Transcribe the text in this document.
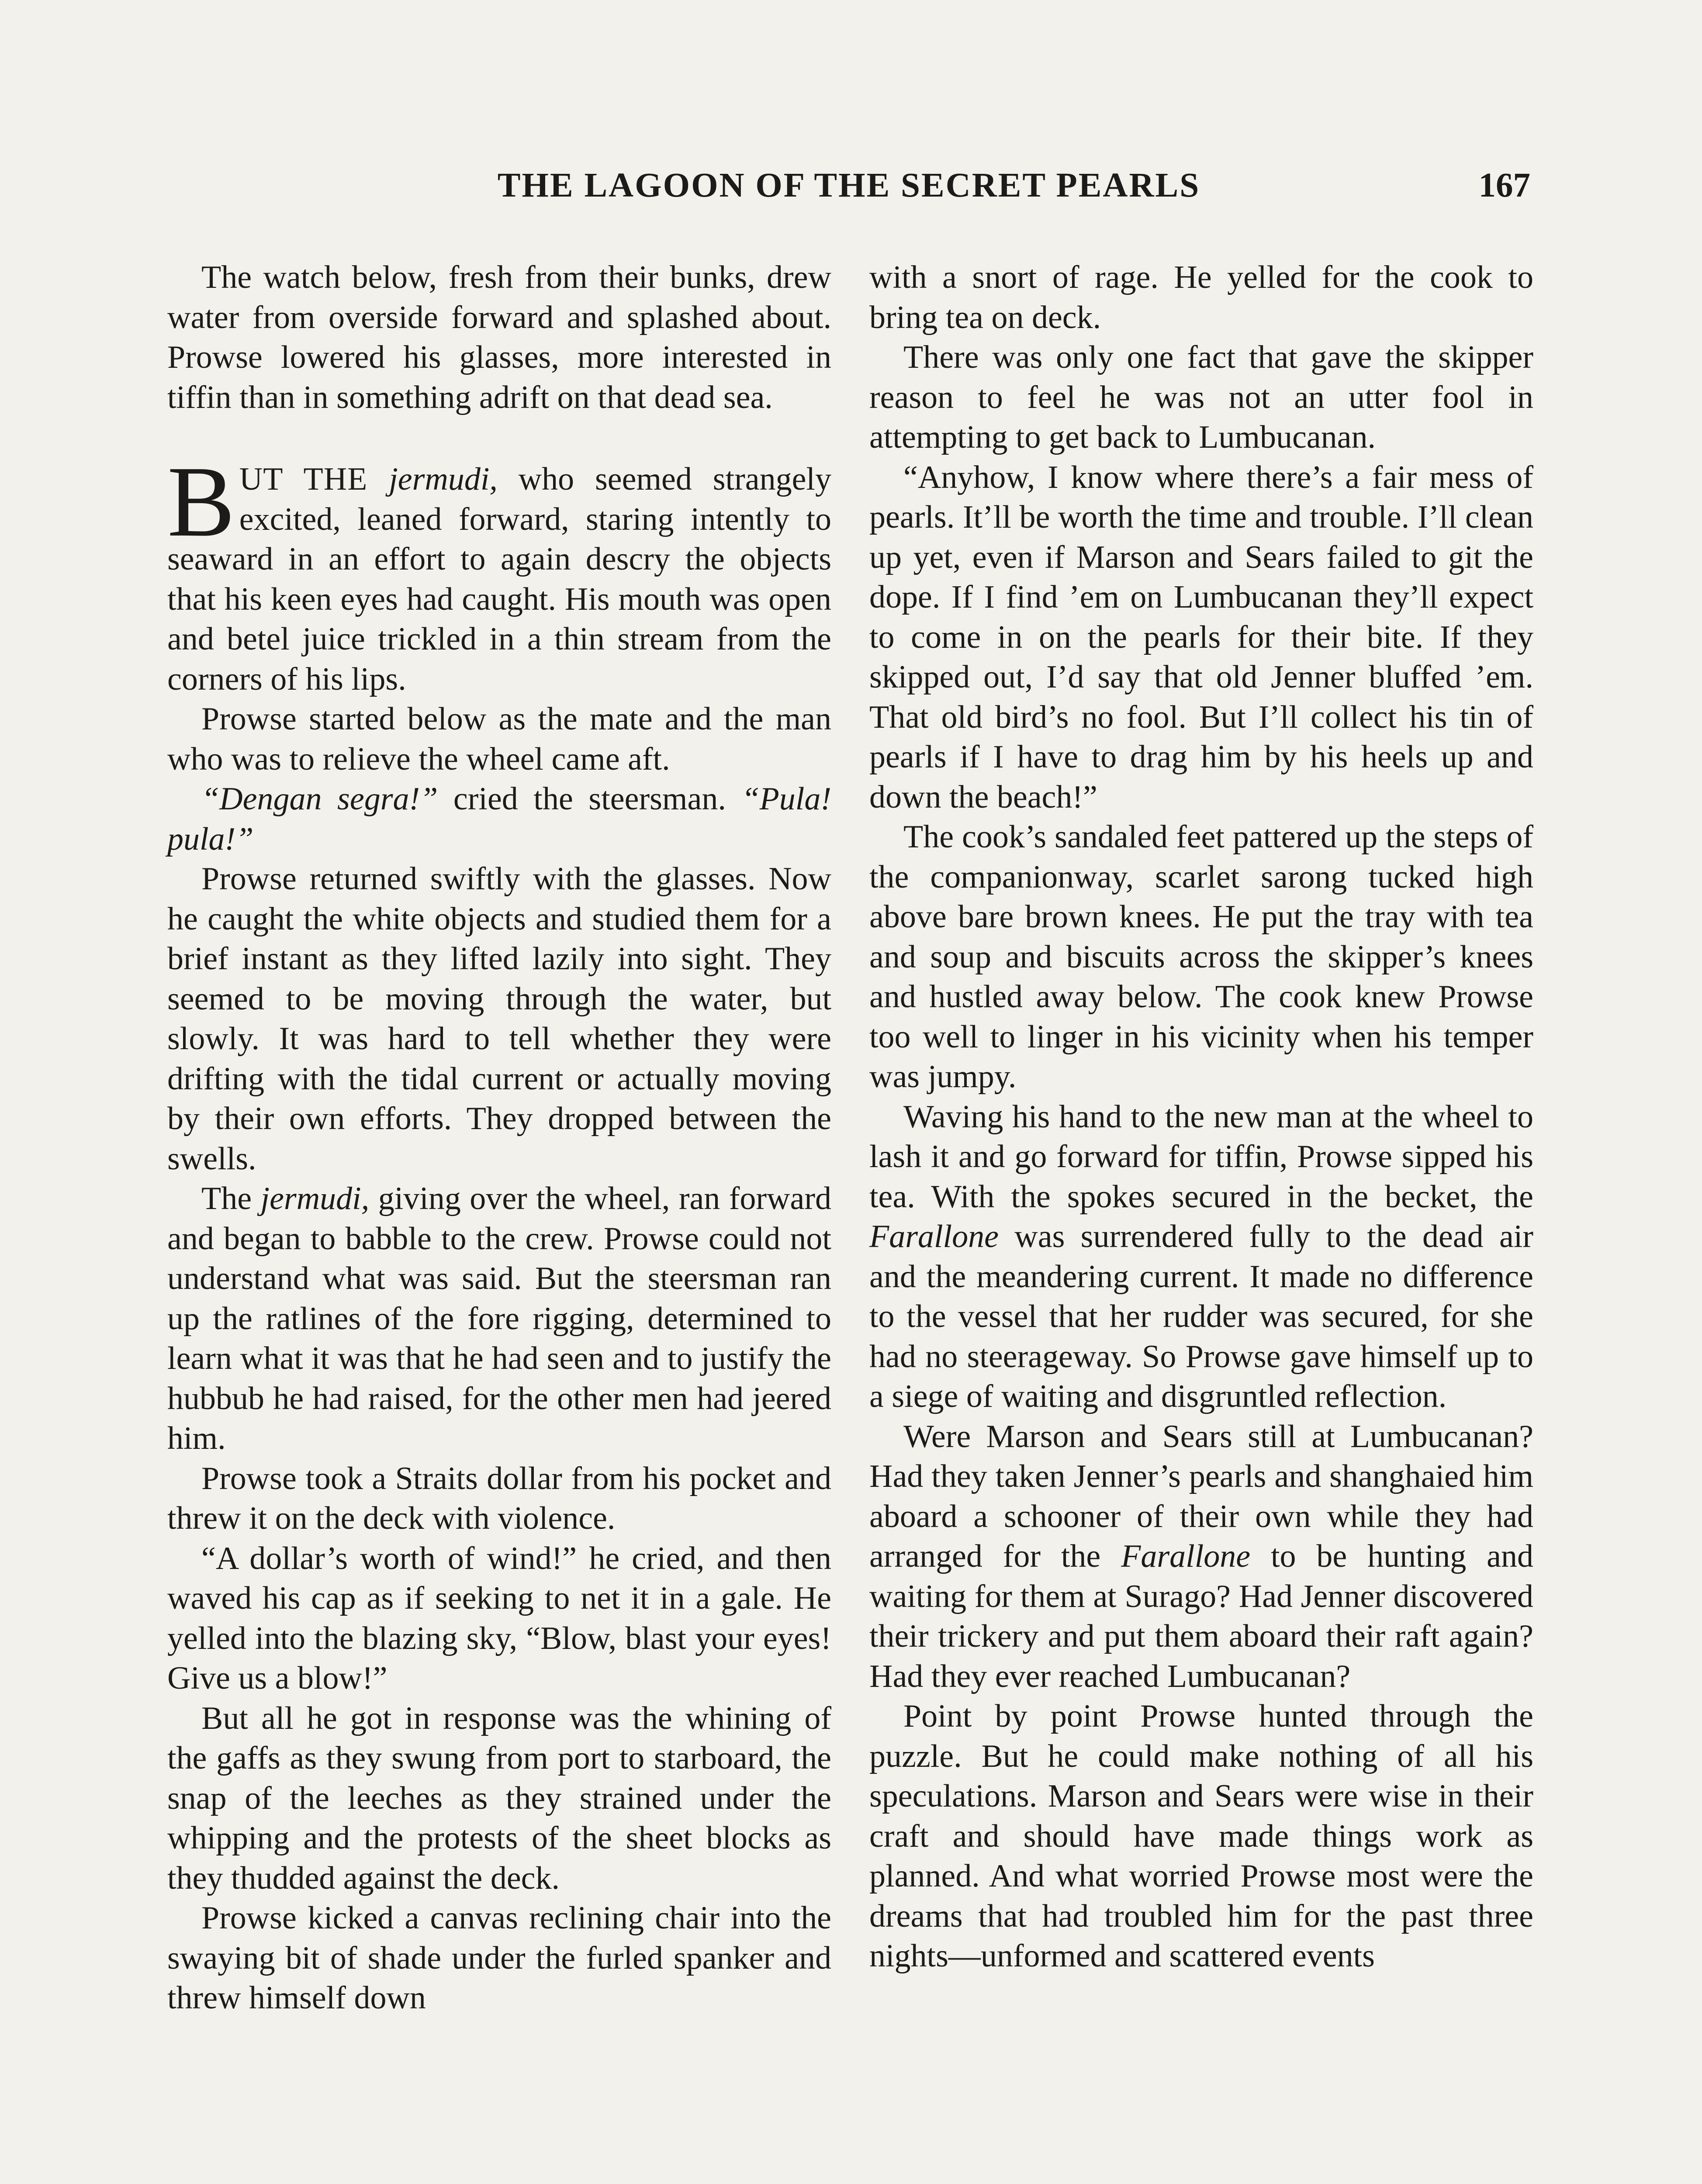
THE LAGOON OF THE SECRET PEARLS	167

The watch below, fresh from their bunks, drew water from overside forward and splashed about. Prowse lowered his glasses, more interested in tiffin than in something adrift on that dead sea.

BUT THE jermudi, who seemed strangely excited, leaned forward, staring intently to seaward in an effort to again descry the objects that his keen eyes had caught. His mouth was open and betel juice trickled in a thin stream from the corners of his lips.

Prowse started below as the mate and the man who was to relieve the wheel came aft.

“Dengan segra!” cried the steersman. “Pula! pula!”

Prowse returned swiftly with the glasses. Now he caught the white objects and studied them for a brief instant as they lifted lazily into sight. They seemed to be moving through the water, but slowly. It was hard to tell whether they were drifting with the tidal current or actually moving by their own efforts. They dropped between the swells.

The jermudi, giving over the wheel, ran forward and began to babble to the crew. Prowse could not understand what was said. But the steersman ran up the ratlines of the fore rigging, determined to learn what it was that he had seen and to justify the hubbub he had raised, for the other men had jeered him.

Prowse took a Straits dollar from his pocket and threw it on the deck with violence.

“A dollar’s worth of wind!” he cried, and then waved his cap as if seeking to net it in a gale. He yelled into the blazing sky, “Blow, blast your eyes! Give us a blow!”

But all he got in response was the whining of the gaffs as they swung from port to starboard, the snap of the leeches as they strained under the whipping and the protests of the sheet blocks as they thudded against the deck.

Prowse kicked a canvas reclining chair into the swaying bit of shade under the furled spanker and threw himself down

with a snort of rage. He yelled for the cook to bring tea on deck.

There was only one fact that gave the skipper reason to feel he was not an utter fool in attempting to get back to Lumbucanan.

“Anyhow, I know where there’s a fair mess of pearls. It’ll be worth the time and trouble. I’ll clean up yet, even if Marson and Sears failed to git the dope. If I find ’em on Lumbucanan they’ll expect to come in on the pearls for their bite. If they skipped out, I’d say that old Jenner bluffed ’em. That old bird’s no fool. But I’ll collect his tin of pearls if I have to drag him by his heels up and down the beach!”

The cook’s sandaled feet pattered up the steps of the companionway, scarlet sarong tucked high above bare brown knees. He put the tray with tea and soup and biscuits across the skipper’s knees and hustled away below. The cook knew Prowse too well to linger in his vicinity when his temper was jumpy.

Waving his hand to the new man at the wheel to lash it and go forward for tiffin, Prowse sipped his tea. With the spokes secured in the becket, the Farallone was surrendered fully to the dead air and the meandering current. It made no difference to the vessel that her rudder was secured, for she had no steerageway. So Prowse gave himself up to a siege of waiting and disgruntled reflection.

Were Marson and Sears still at Lumbucanan? Had they taken Jenner’s pearls and shanghaied him aboard a schooner of their own while they had arranged for the Farallone to be hunting and waiting for them at Surago? Had Jenner discovered their trickery and put them aboard their raft again? Had they ever reached Lumbucanan?

Point by point Prowse hunted through the puzzle. But he could make nothing of all his speculations. Marson and Sears were wise in their craft and should have made things work as planned. And what worried Prowse most were the dreams that had troubled him for the past three nights—unformed and scattered events
